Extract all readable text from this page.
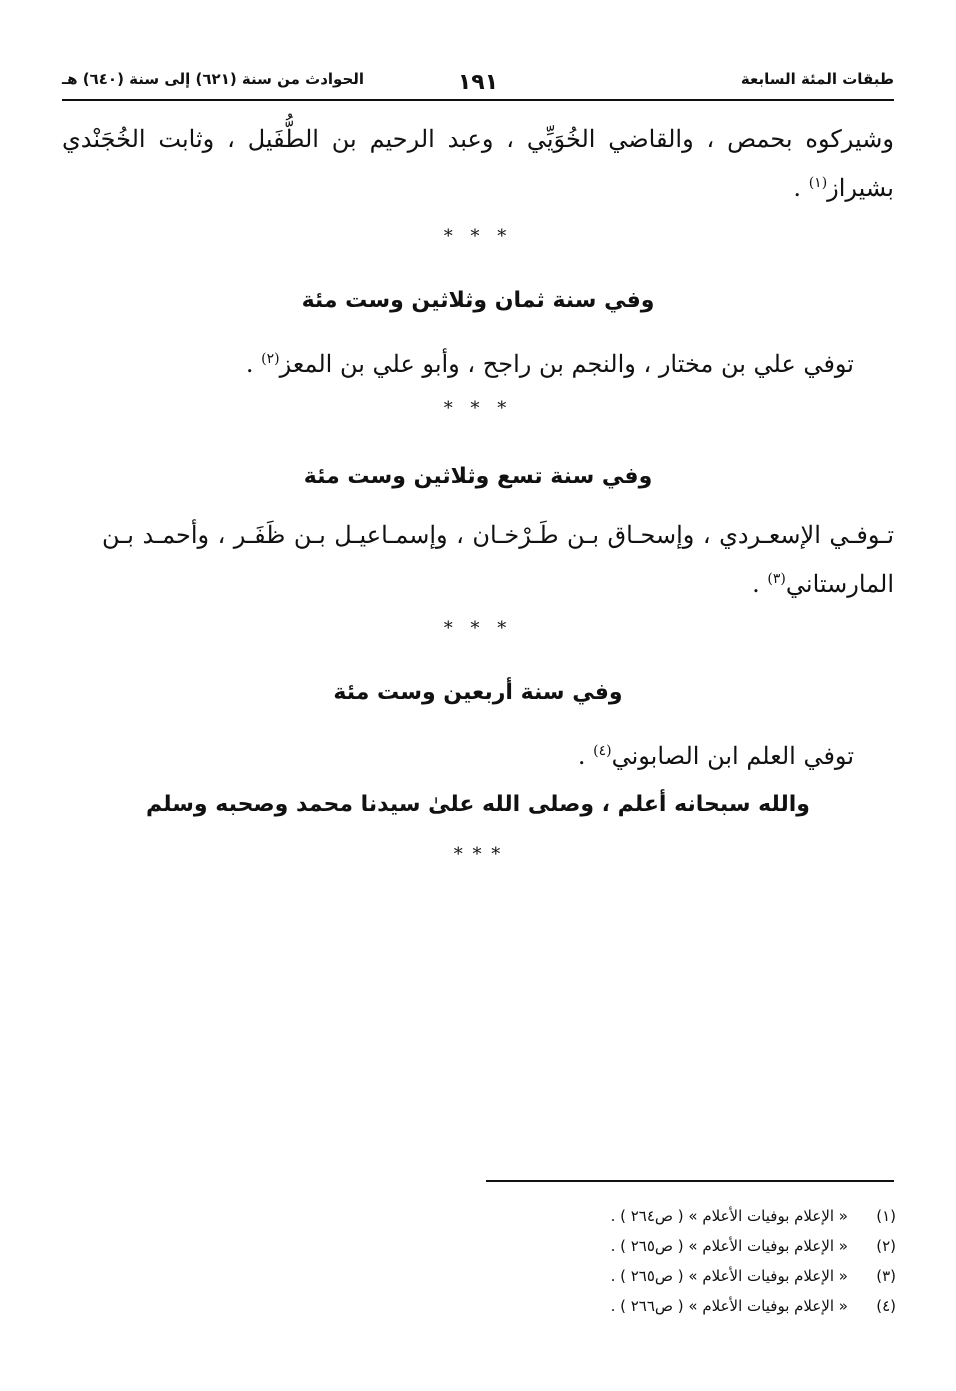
طبقات المئة السابعة
١٩١
الحوادث من سنة (٦٢١) إلى سنة (٦٤٠) هـ
وشيركوه بحمص ، والقاضي الخُوَيِّي ، وعبد الرحيم بن الطُّفَيل ، وثابت الخُجَنْدي
بشيراز$^{(١)}$ .
* * *
وفي سنة ثمان وثلاثين وست مئة
توفي علي بن مختار ، والنجم بن راجح ، وأبو علي بن المعز$^{(٢)}$ .
* * *
وفي سنة تسع وثلاثين وست مئة
تـوفـي الإسعـردي ، وإسحـاق بـن طَـرْخـان ، وإسمـاعيـل بـن ظَفَـر ، وأحمـد بـن
المارستاني$^{(٣)}$ .
* * *
وفي سنة أربعين وست مئة
توفي العلم ابن الصابوني$^{(٤)}$ .
والله سبحانه أعلم ، وصلى الله علىٰ سيدنا محمد وصحبه وسلم
* * *
(١)« الإعلام بوفيات الأعلام » ( ص٢٦٤ ) .
(٢)« الإعلام بوفيات الأعلام » ( ص٢٦٥ ) .
(٣)« الإعلام بوفيات الأعلام » ( ص٢٦٥ ) .
(٤)« الإعلام بوفيات الأعلام » ( ص٢٦٦ ) .
